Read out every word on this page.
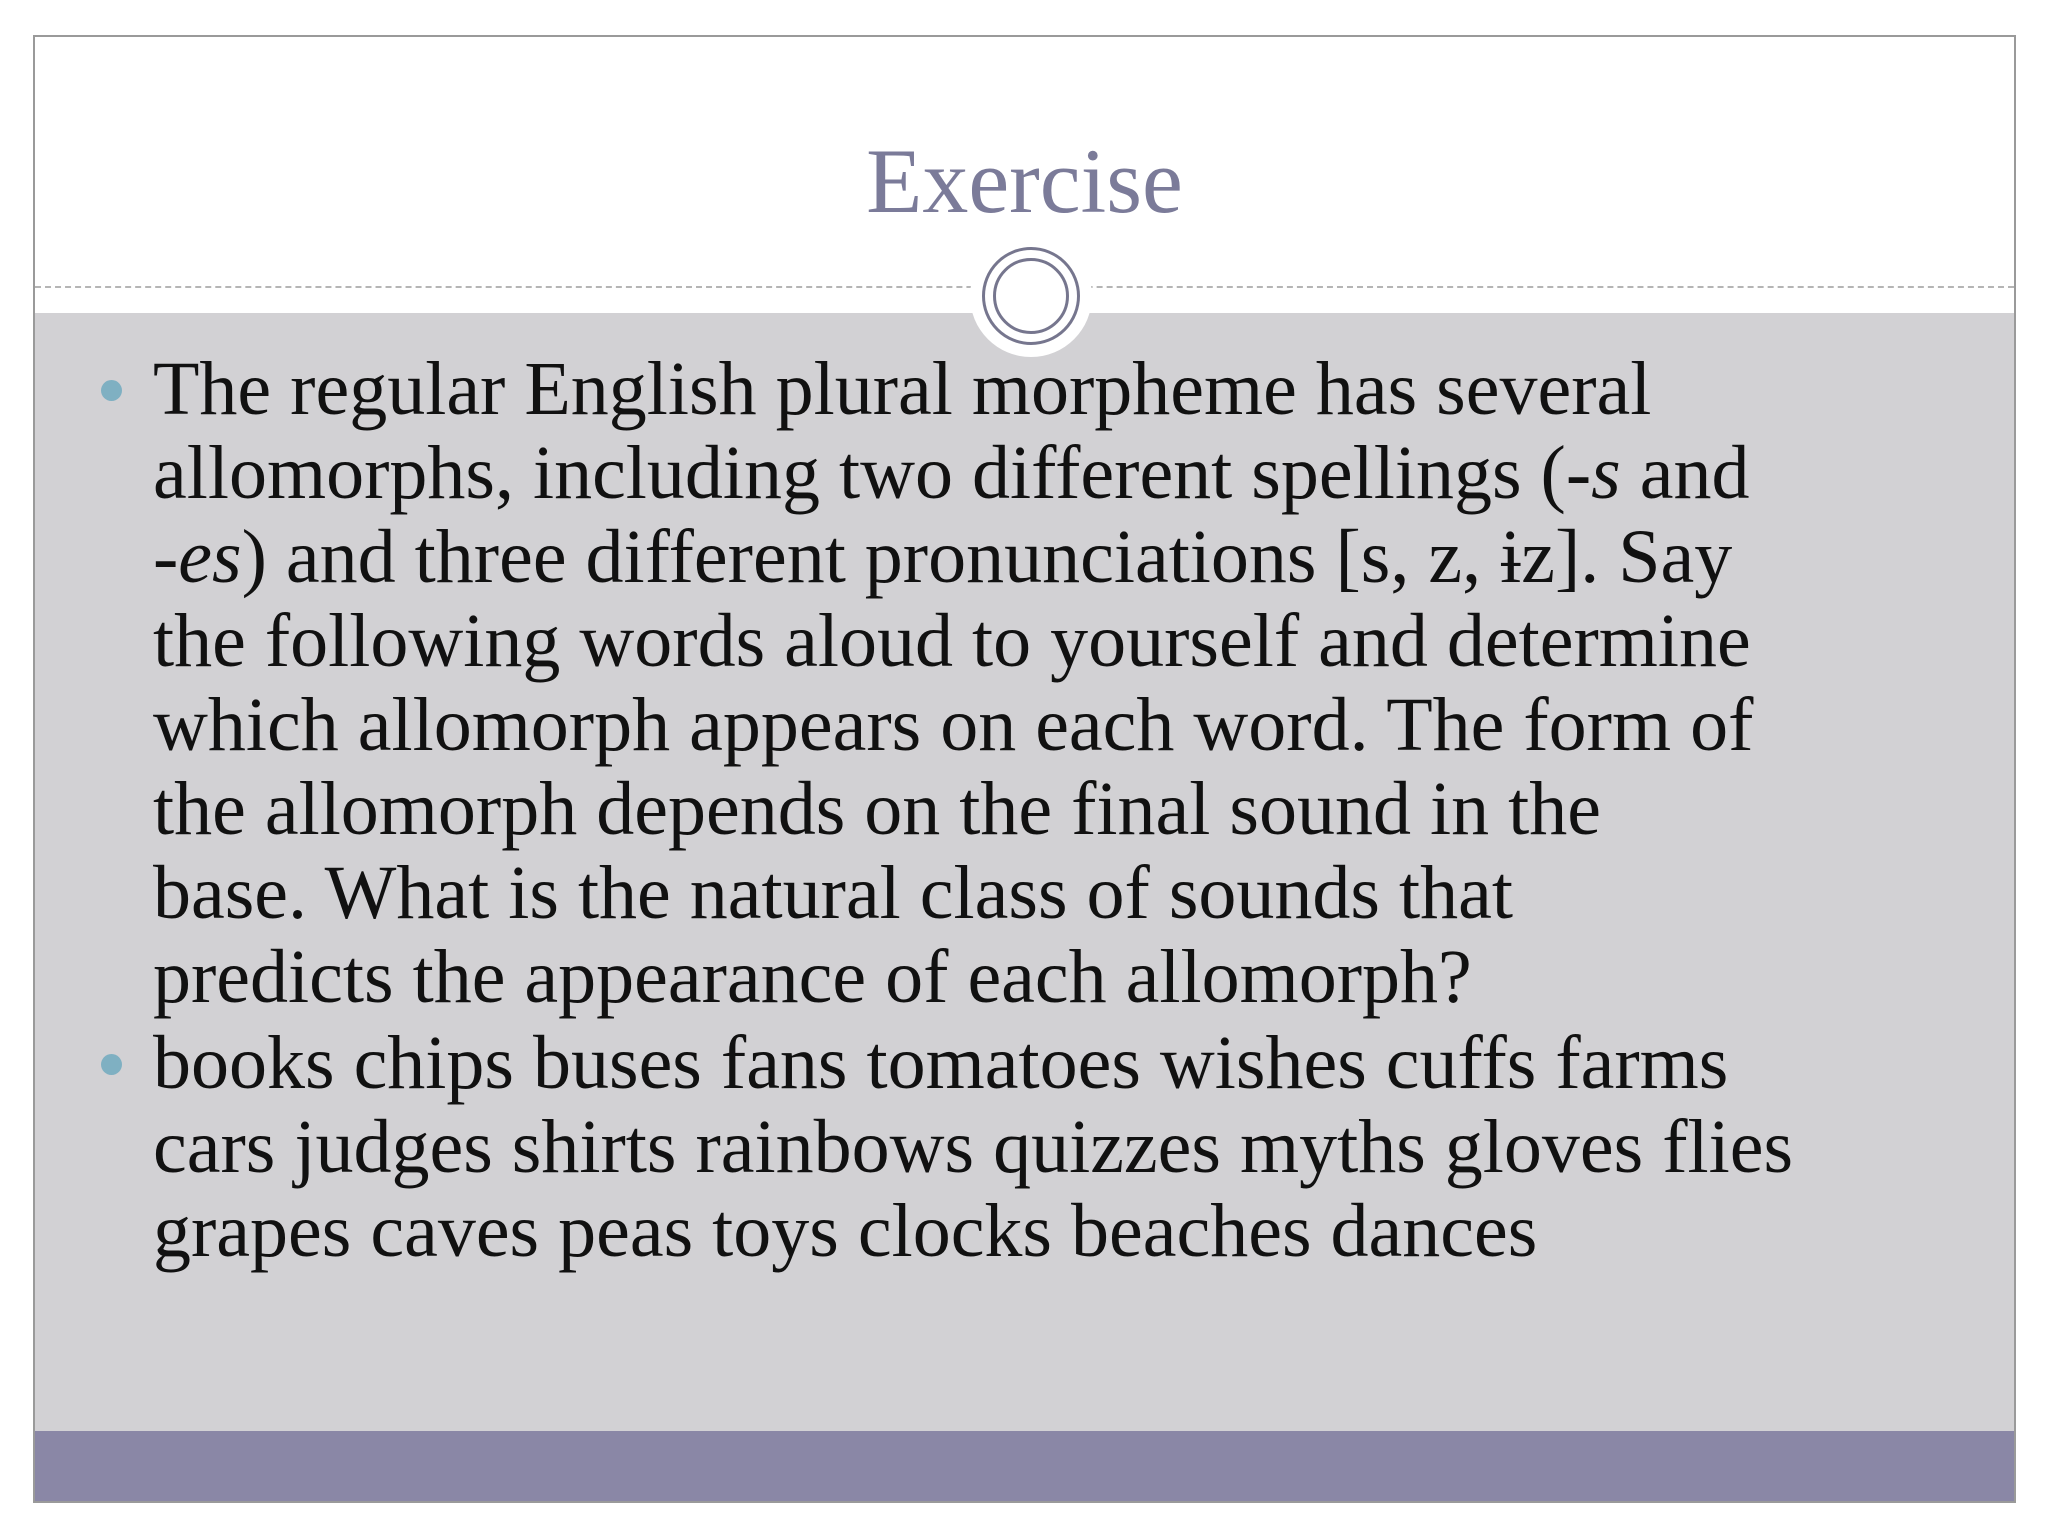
Exercise
The regular English plural morpheme has several
allomorphs, including two different spellings (-s and
-es) and three different pronunciations [s, z, ɨz]. Say
the following words aloud to yourself and determine
which allomorph appears on each word. The form of
the allomorph depends on the final sound in the
base. What is the natural class of sounds that
predicts the appearance of each allomorph?
books chips buses fans tomatoes wishes cuffs farms
cars judges shirts rainbows quizzes myths gloves flies
grapes caves peas toys clocks beaches dances
